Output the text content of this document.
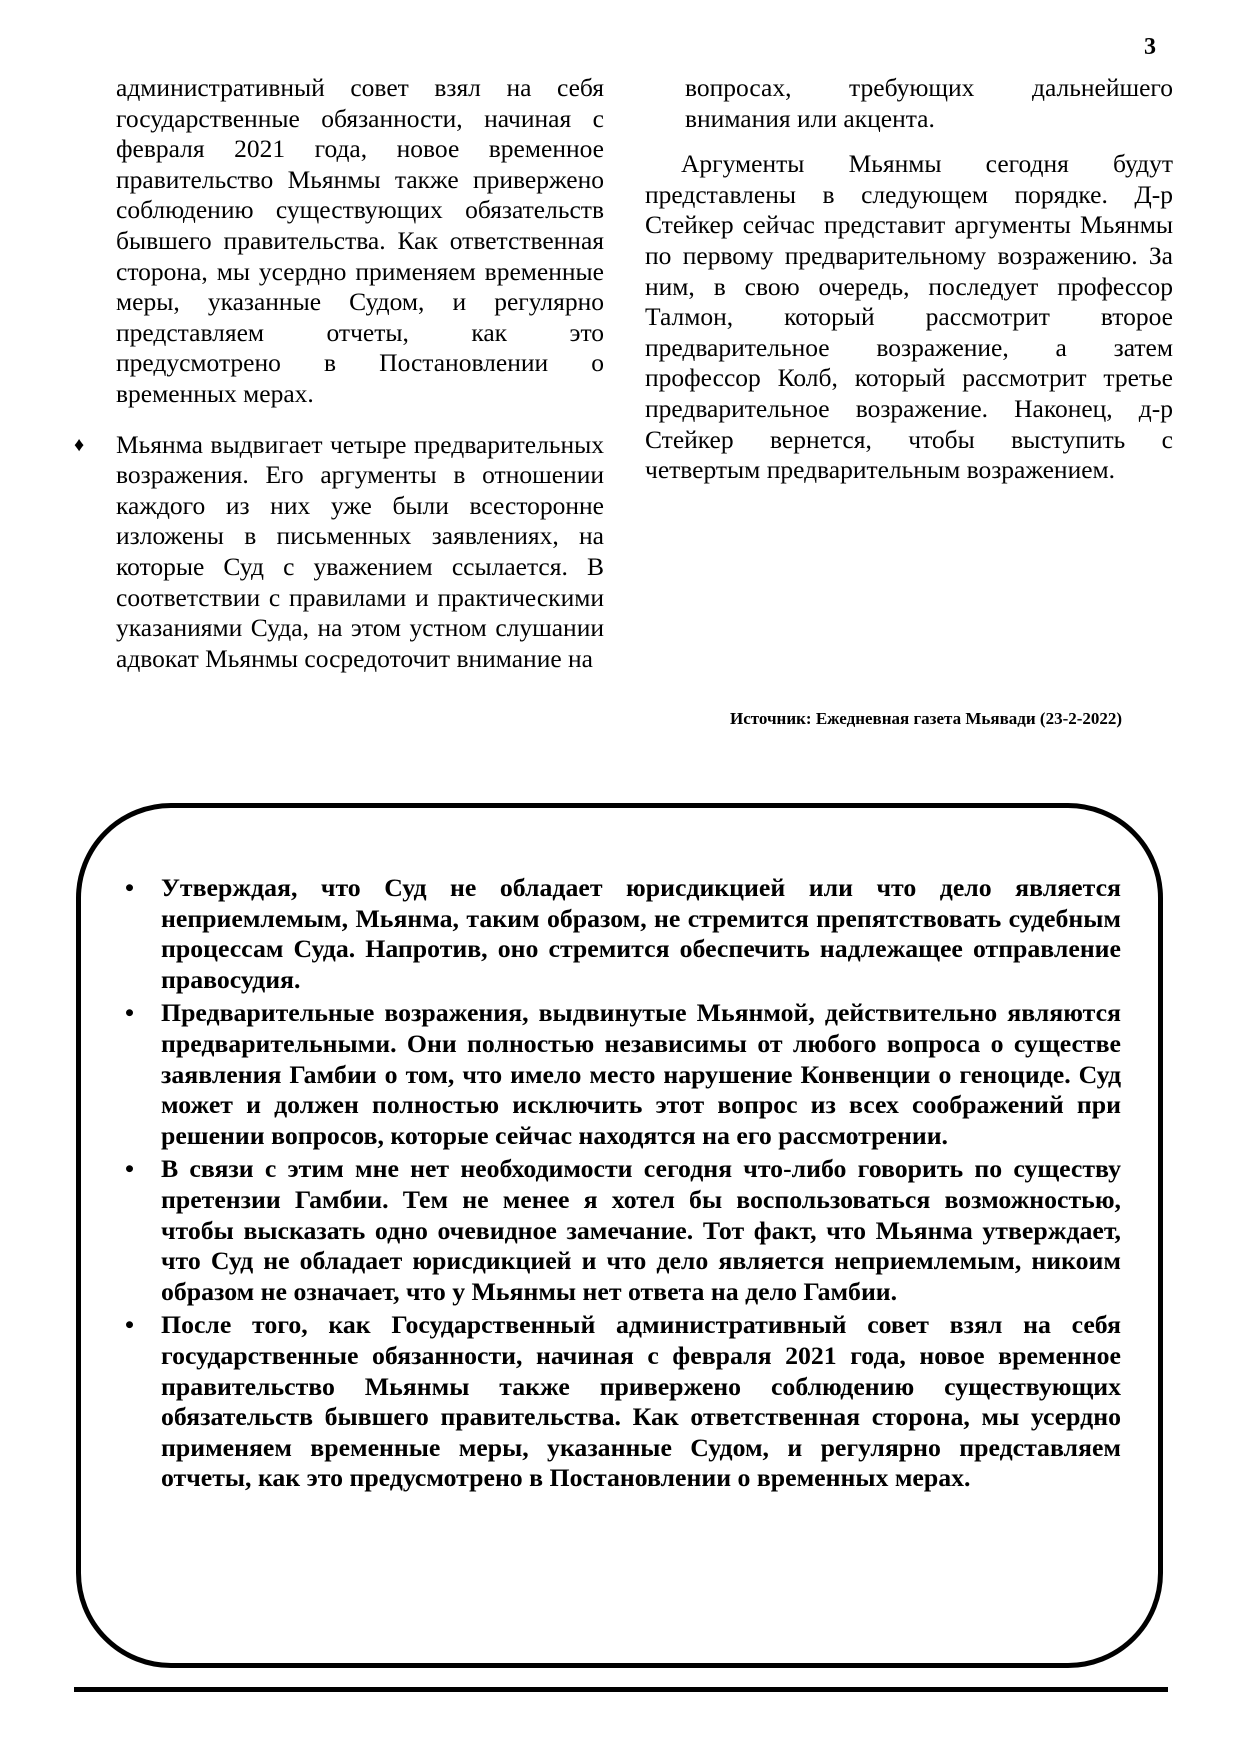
3

административный совет взял на себя государственные обязанности, начиная с февраля 2021 года, новое временное правительство Мьянмы также привержено соблюдению существующих обязательств бывшего правительства. Как ответственная сторона, мы усердно применяем временные меры, указанные Судом, и регулярно представляем отчеты, как это предусмотрено в Постановлении о временных мерах.

♦ Мьянма выдвигает четыре предварительных возражения. Его аргументы в отношении каждого из них уже были всесторонне изложены в письменных заявлениях, на которые Суд с уважением ссылается. В соответствии с правилами и практическими указаниями Суда, на этом устном слушании адвокат Мьянмы сосредоточит внимание на

вопросах, требующих дальнейшего внимания или акцента.

Аргументы Мьянмы сегодня будут представлены в следующем порядке. Д-р Стейкер сейчас представит аргументы Мьянмы по первому предварительному возражению. За ним, в свою очередь, последует профессор Талмон, который рассмотрит второе предварительное возражение, а затем профессор Колб, который рассмотрит третье предварительное возражение. Наконец, д-р Стейкер вернется, чтобы выступить с четвертым предварительным возражением.

Источник: Ежедневная газета Мьявади (23-2-2022)
• Утверждая, что Суд не обладает юрисдикцией или что дело является неприемлемым, Мьянма, таким образом, не стремится препятствовать судебным процессам Суда. Напротив, оно стремится обеспечить надлежащее отправление правосудия.
• Предварительные возражения, выдвинутые Мьянмой, действительно являются предварительными. Они полностью независимы от любого вопроса о существе заявления Гамбии о том, что имело место нарушение Конвенции о геноциде. Суд может и должен полностью исключить этот вопрос из всех соображений при решении вопросов, которые сейчас находятся на его рассмотрении.
• В связи с этим мне нет необходимости сегодня что-либо говорить по существу претензии Гамбии. Тем не менее я хотел бы воспользоваться возможностью, чтобы высказать одно очевидное замечание. Тот факт, что Мьянма утверждает, что Суд не обладает юрисдикцией и что дело является неприемлемым, никоим образом не означает, что у Мьянмы нет ответа на дело Гамбии.
• После того, как Государственный административный совет взял на себя государственные обязанности, начиная с февраля 2021 года, новое временное правительство Мьянмы также привержено соблюдению существующих обязательств бывшего правительства. Как ответственная сторона, мы усердно применяем временные меры, указанные Судом, и регулярно представляем отчеты, как это предусмотрено в Постановлении о временных мерах.
